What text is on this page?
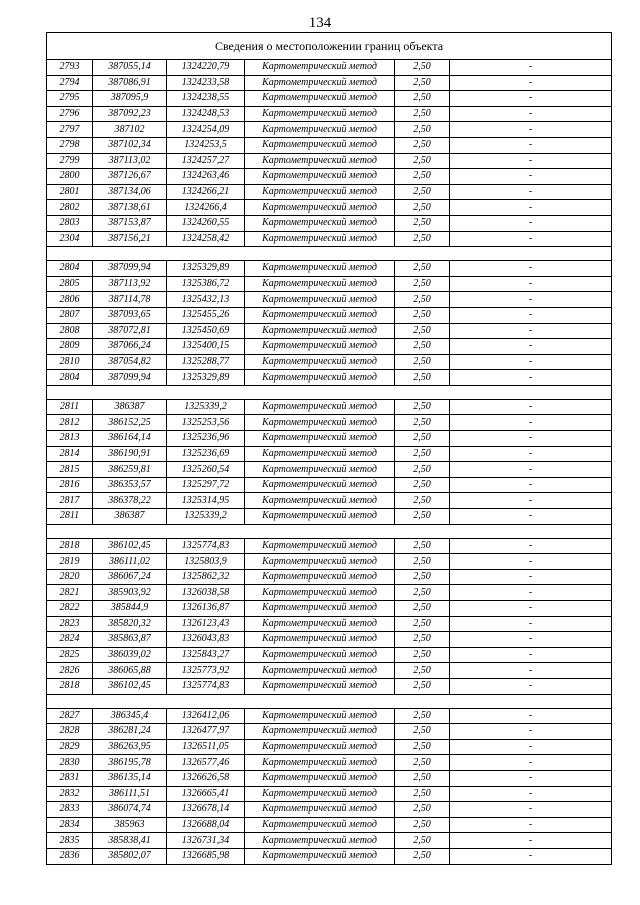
134
Сведения о местоположении границ объекта					
2793	387055,14	1324220,79	Картометрический метод	2,50	-
2794	387086,91	1324233,58	Картометрический метод	2,50	-
2795	387095,9	1324238,55	Картометрический метод	2,50	-
2796	387092,23	1324248,53	Картометрический метод	2,50	-
2797	387102	1324254,09	Картометрический метод	2,50	-
2798	387102,34	1324253,5	Картометрический метод	2,50	-
2799	387113,02	1324257,27	Картометрический метод	2,50	-
2800	387126,67	1324263,46	Картометрический метод	2,50	-
2801	387134,06	1324266,21	Картометрический метод	2,50	-
2802	387138,61	1324266,4	Картометрический метод	2,50	-
2803	387153,87	1324260,55	Картометрический метод	2,50	-
2304	387156,21	1324258,42	Картометрический метод	2,50	-

2804	387099,94	1325329,89	Картометрический метод	2,50	-
2805	387113,92	1325386,72	Картометрический метод	2,50	-
2806	387114,78	1325432,13	Картометрический метод	2,50	-
2807	387093,65	1325455,26	Картометрический метод	2,50	-
2808	387072,81	1325450,69	Картометрический метод	2,50	-
2809	387066,24	1325400,15	Картометрический метод	2,50	-
2810	387054,82	1325288,77	Картометрический метод	2,50	-
2804	387099,94	1325329,89	Картометрический метод	2,50	-

2811	386387	1325339,2	Картометрический метод	2,50	-
2812	386152,25	1325253,56	Картометрический метод	2,50	-
2813	386164,14	1325236,96	Картометрический метод	2,50	-
2814	386190,91	1325236,69	Картометрический метод	2,50	-
2815	386259,81	1325260,54	Картометрический метод	2,50	-
2816	386353,57	1325297,72	Картометрический метод	2,50	-
2817	386378,22	1325314,95	Картометрический метод	2,50	-
2811	386387	1325339,2	Картометрический метод	2,50	-

2818	386102,45	1325774,83	Картометрический метод	2,50	-
2819	386111,02	1325803,9	Картометрический метод	2,50	-
2820	386067,24	1325862,32	Картометрический метод	2,50	-
2821	385903,92	1326038,58	Картометрический метод	2,50	-
2822	385844,9	1326136,87	Картометрический метод	2,50	-
2823	385820,32	1326123,43	Картометрический метод	2,50	-
2824	385863,87	1326043,83	Картометрический метод	2,50	-
2825	386039,02	1325843,27	Картометрический метод	2,50	-
2826	386065,88	1325773,92	Картометрический метод	2,50	-
2818	386102,45	1325774,83	Картометрический метод	2,50	-

2827	386345,4	1326412,06	Картометрический метод	2,50	-
2828	386281,24	1326477,97	Картометрический метод	2,50	-
2829	386263,95	1326511,05	Картометрический метод	2,50	-
2830	386195,78	1326577,46	Картометрический метод	2,50	-
2831	386135,14	1326626,58	Картометрический метод	2,50	-
2832	386111,51	1326665,41	Картометрический метод	2,50	-
2833	386074,74	1326678,14	Картометрический метод	2,50	-
2834	385963	1326688,04	Картометрический метод	2,50	-
2835	385838,41	1326731,34	Картометрический метод	2,50	-
2836	385802,07	1326685,98	Картометрический метод	2,50	-
